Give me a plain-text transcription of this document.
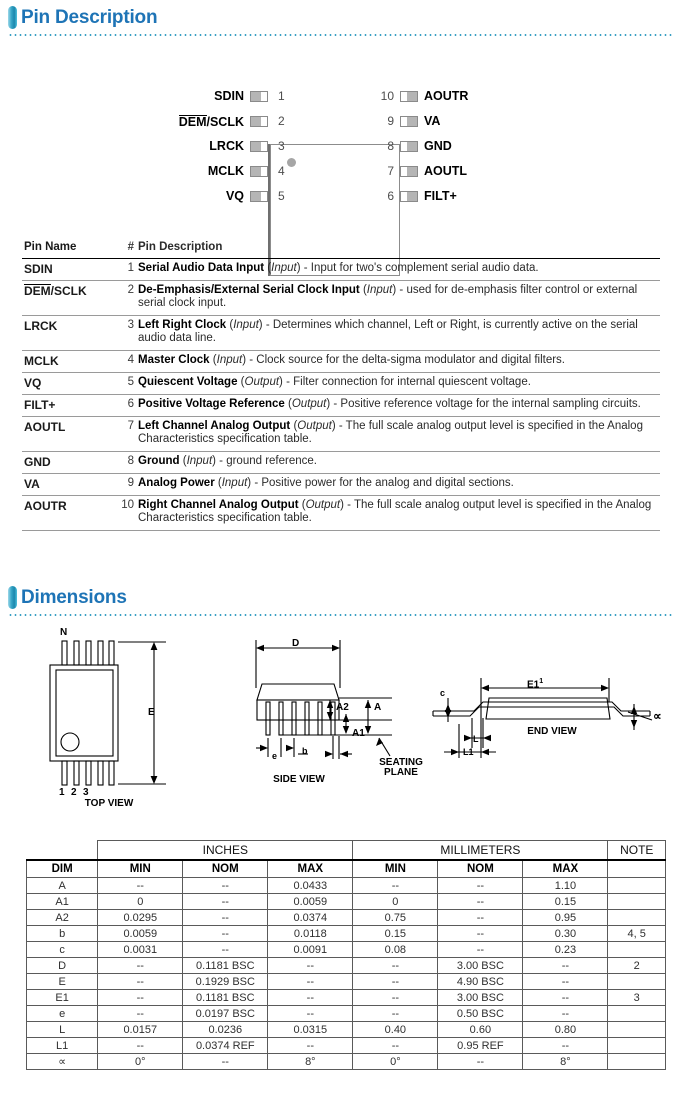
Pin Description
SDIN
DEM/SCLK
LRCK
MCLK
VQ
AOUTR
VA
GND
AOUTL
FILT+
1
2
3
4
5
10
9
8
7
6
Pin Name	#	Pin Description
SDIN	1	Serial Audio Data Input (Input) - Input for two's complement serial audio data.
DEM/SCLK	2	De-Emphasis/External Serial Clock Input (Input) - used for de-emphasis filter control or external serial clock input.
LRCK	3	Left Right Clock (Input) - Determines which channel, Left or Right, is currently active on the serial audio data line.
MCLK	4	Master Clock (Input) - Clock source for the delta-sigma modulator and digital filters.
VQ	5	Quiescent Voltage (Output) - Filter connection for internal quiescent voltage.
FILT+	6	Positive Voltage Reference (Output) - Positive reference voltage for the internal sampling circuits.
AOUTL	7	Left Channel Analog Output (Output) - The full scale analog output level is specified in the Analog Characteristics specification table.
GND	8	Ground (Input) - ground reference.
VA	9	Analog Power (Input) - Positive power for the analog and digital sections.
AOUTR	10	Right Channel Analog Output (Output) - The full scale analog output level is specified in the Analog Characteristics specification table.
Dimensions
N
1 2 3
E
TOP VIEW
D
A2	A
A1
e	b
SEATING
PLANE
SIDE VIEW
$E1^1$
c
L
L1
∝
END VIEW
	INCHES			MILLIMETERS			NOTE
DIM	MIN	NOM	MAX	MIN	NOM	MAX	
A	--	--	0.0433	--	--	1.10	
A1	0	--	0.0059	0	--	0.15	
A2	0.0295	--	0.0374	0.75	--	0.95	
b	0.0059	--	0.0118	0.15	--	0.30	4, 5
c	0.0031	--	0.0091	0.08	--	0.23	
D	--	0.1181 BSC	--	--	3.00 BSC	--	2
E	--	0.1929 BSC	--	--	4.90 BSC	--	
E1	--	0.1181 BSC	--	--	3.00 BSC	--	3
e	--	0.0197 BSC	--	--	0.50 BSC	--	
L	0.0157	0.0236	0.0315	0.40	0.60	0.80	
L1	--	0.0374 REF	--	--	0.95 REF	--	
∝	0°	--	8°	0°	--	8°	
